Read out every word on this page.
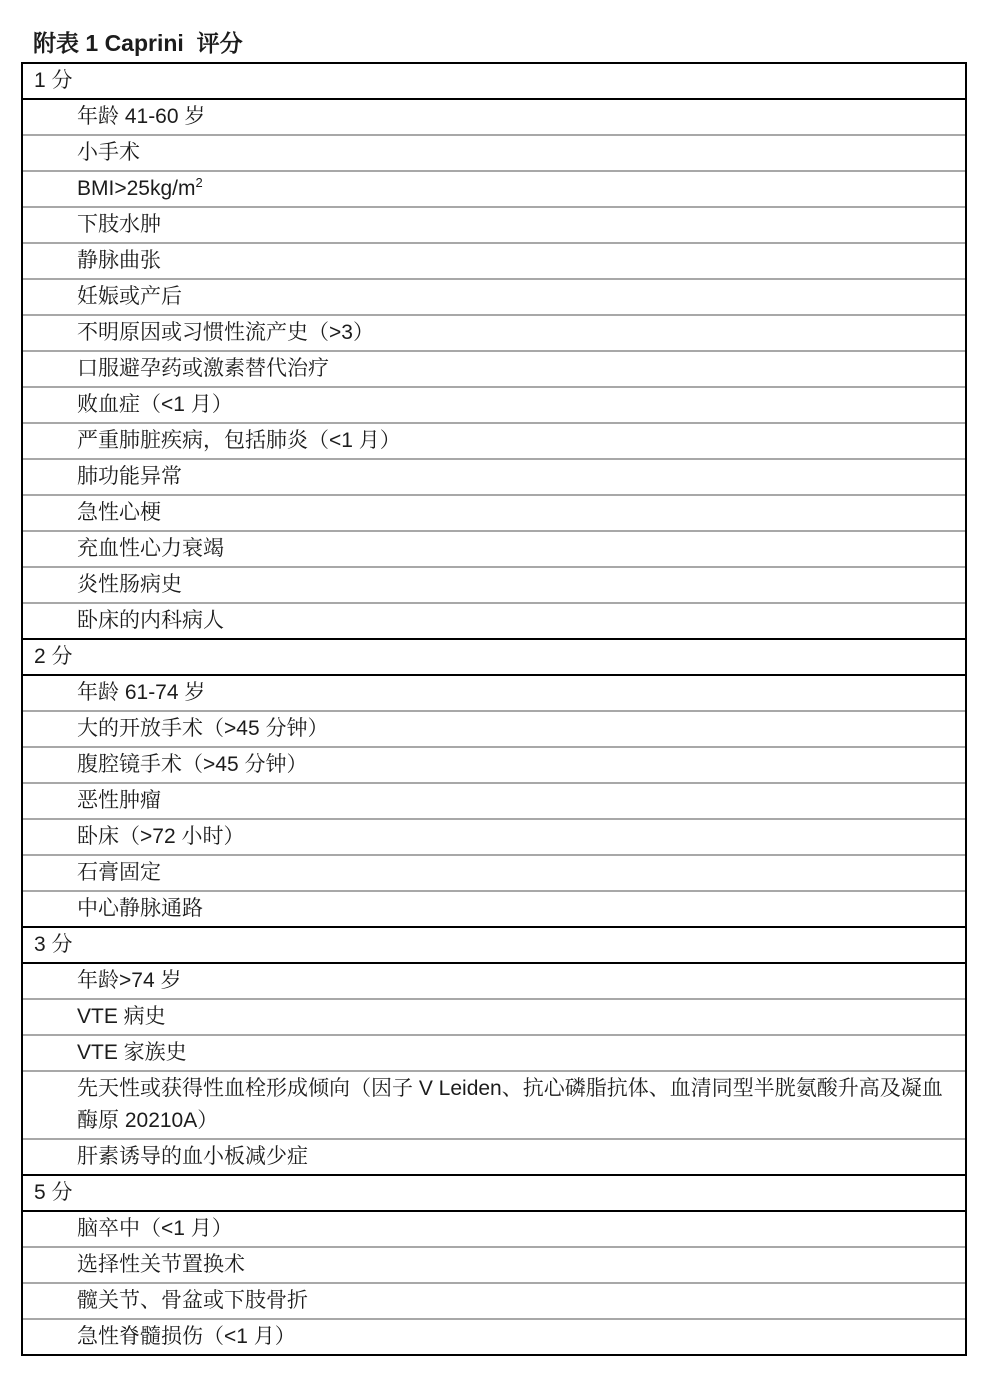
附表 1 Caprini  评分
1 分
年龄 41-60 岁
小手术
$BMI>25kg/m^2$
下肢水肿
静脉曲张
妊娠或产后
不明原因或习惯性流产史（>3）
口服避孕药或激素替代治疗
败血症（<1 月）
严重肺脏疾病，包括肺炎（<1 月）
肺功能异常
急性心梗
充血性心力衰竭
炎性肠病史
卧床的内科病人
2 分
年龄 61-74 岁
大的开放手术（>45 分钟）
腹腔镜手术（>45 分钟）
恶性肿瘤
卧床（>72 小时）
石膏固定
中心静脉通路
3 分
年龄>74 岁
VTE 病史
VTE 家族史
先天性或获得性血栓形成倾向（因子 V Leiden、抗心磷脂抗体、血清同型半胱氨酸升高及凝血酶原 20210A）
肝素诱导的血小板减少症
5 分
脑卒中（<1 月）
选择性关节置换术
髋关节、骨盆或下肢骨折
急性脊髓损伤（<1 月）
